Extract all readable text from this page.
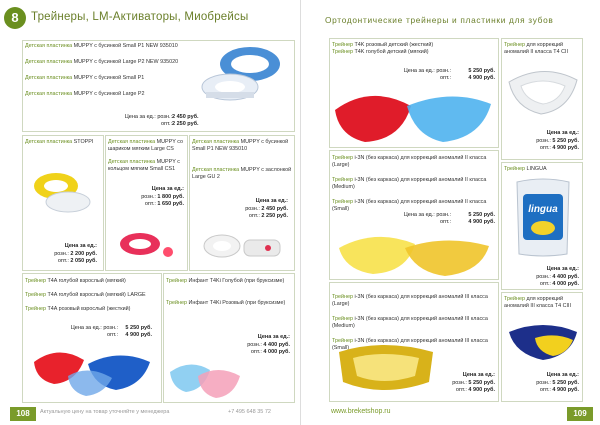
8	Трейнеры, LM-Активаторы, Миобрейсы
Детская пластинка MUPPY с бусинкой Small P1 NEW 935010
Детская пластинка MUPPY с бусинкой Large P2 NEW 935020
Детская пластинка MUPPY с бусинкой Small P1
Детская пластинка MUPPY с бусинкой Large P2
Цена за ед.: розн.: 2 450 руб.
опт.: 2 250 руб.
Детская пластинка STOPPI
Цена за ед.:
розн.: 2 200 руб.
опт.: 2 050 руб.
Детская пластинка MUPPY со шариком мягким Large CS
Детская пластинка MUPPY с кольцом мягким Small CS1
Цена за ед.:
розн.: 1 800 руб.
опт.: 1 650 руб.
Детская пластинка MUPPY с бусинкой Small P1 NEW 935010
Детская пластинка MUPPY с заслонкой Large GU 2
Цена за ед.:
розн.: 2 450 руб.
опт.: 2 250 руб.
Трейнер T4A голубой взрослый (мягкий)
Трейнер T4A голубой взрослый (мягкий) LARGE
Трейнер T4A розовый взрослый (жесткий)
Цена за ед.: розн.:	5 250 руб.
опт.:	4 900 руб.
Трейнер Инфант T4Ki Голубой (при бруксизме)
Трейнер Инфант T4Ki Розовый (при бруксизме)
Цена за ед.:
розн.: 4 400 руб.
опт.: 4 000 руб.
108	Актуальную цену на товар уточняйте у менеджера	+7 495 648 35 72
Ортодонтические трейнеры и пластинки для зубов
Трейнер T4K розовый детский (жесткий)
Трейнер T4K голубой детский (мягкий)
Цена за ед.: розн.:	5 250 руб.
опт.:	4 900 руб.
Трейнер i-3N (без каркаса) для коррекций аномалий II класса (Large)
Трейнер i-3N (без каркаса) для коррекций аномалий II класса (Medium)
Трейнер i-3N (без каркаса) для коррекций аномалий II класса (Small)
Цена за ед.: розн.:	5 250 руб.
опт.:	4 900 руб.
Трейнер i-3N (без каркаса) для коррекций аномалий III класса (Large)
Трейнер i-3N (без каркаса) для коррекций аномалий III класса (Medium)
Трейнер i-3N (без каркаса) для коррекций аномалий III класса (Small)
Цена за ед.:
розн.: 5 250 руб.
опт.: 4 900 руб.
Трейнер для коррекций аномалий II класса T4 CII
Цена за ед.:
розн.: 5 250 руб.
опт.: 4 900 руб.
Трейнер LINGUA
lingua
Цена за ед.:
розн.: 4 400 руб.
опт.: 4 000 руб.
Трейнер для коррекций аномалий III класса T4 CIII
Цена за ед.:
розн.: 5 250 руб.
опт.: 4 900 руб.
www.breketshop.ru	109
